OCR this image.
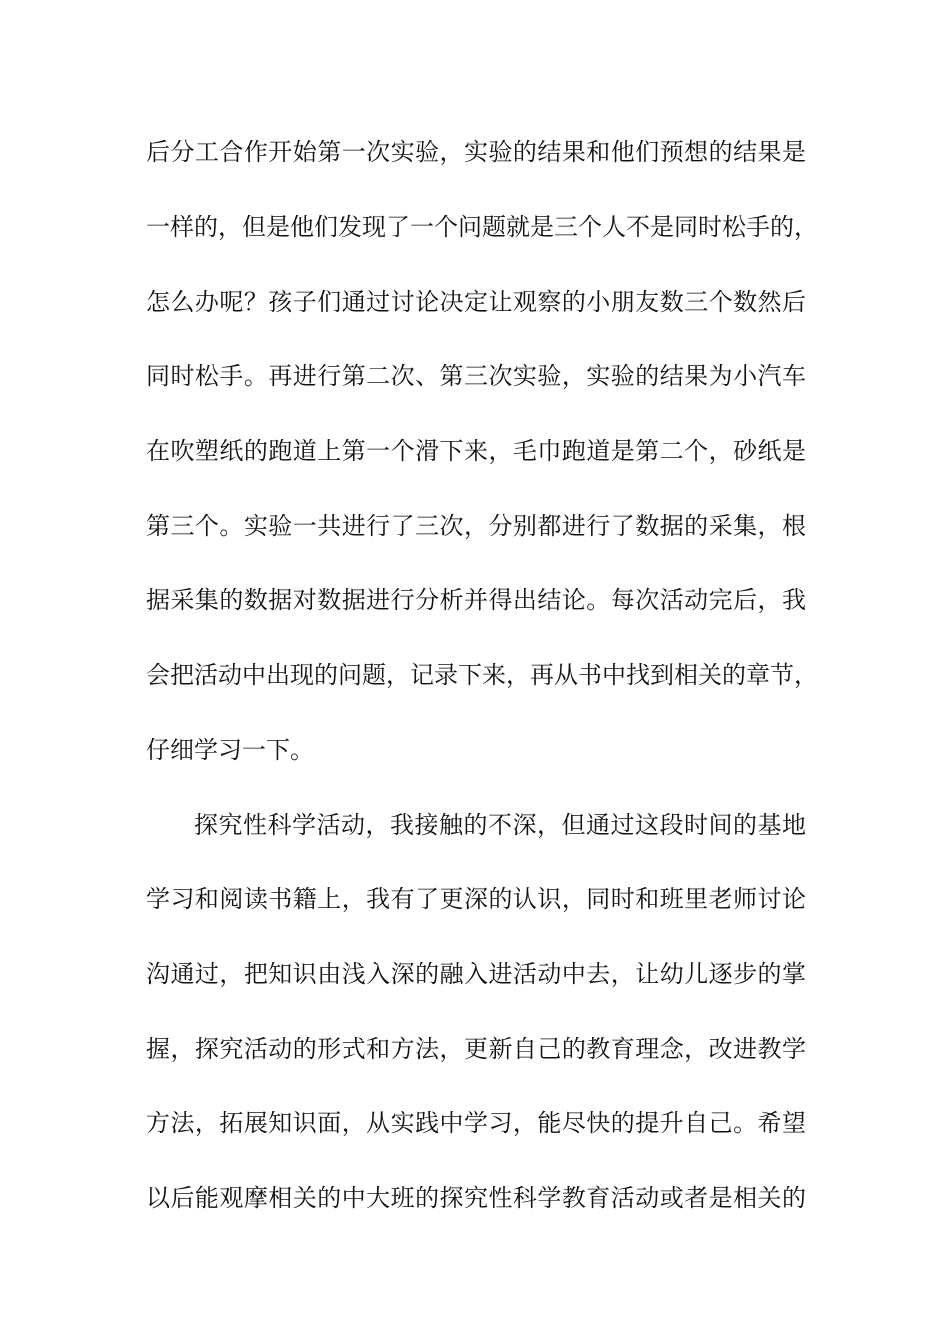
后分工合作开始第一次实验，实验的结果和他们预想的结果是
一样的，但是他们发现了一个问题就是三个人不是同时松手的，
怎么办呢？孩子们通过讨论决定让观察的小朋友数三个数然后
同时松手。再进行第二次、第三次实验，实验的结果为小汽车
在吹塑纸的跑道上第一个滑下来，毛巾跑道是第二个，砂纸是
第三个。实验一共进行了三次，分别都进行了数据的采集，根
据采集的数据对数据进行分析并得出结论。每次活动完后，我
会把活动中出现的问题，记录下来，再从书中找到相关的章节，
仔细学习一下。
探究性科学活动，我接触的不深，但通过这段时间的基地
学习和阅读书籍上，我有了更深的认识，同时和班里老师讨论
沟通过，把知识由浅入深的融入进活动中去，让幼儿逐步的掌
握，探究活动的形式和方法，更新自己的教育理念，改进教学
方法，拓展知识面，从实践中学习，能尽快的提升自己。希望
以后能观摩相关的中大班的探究性科学教育活动或者是相关的
